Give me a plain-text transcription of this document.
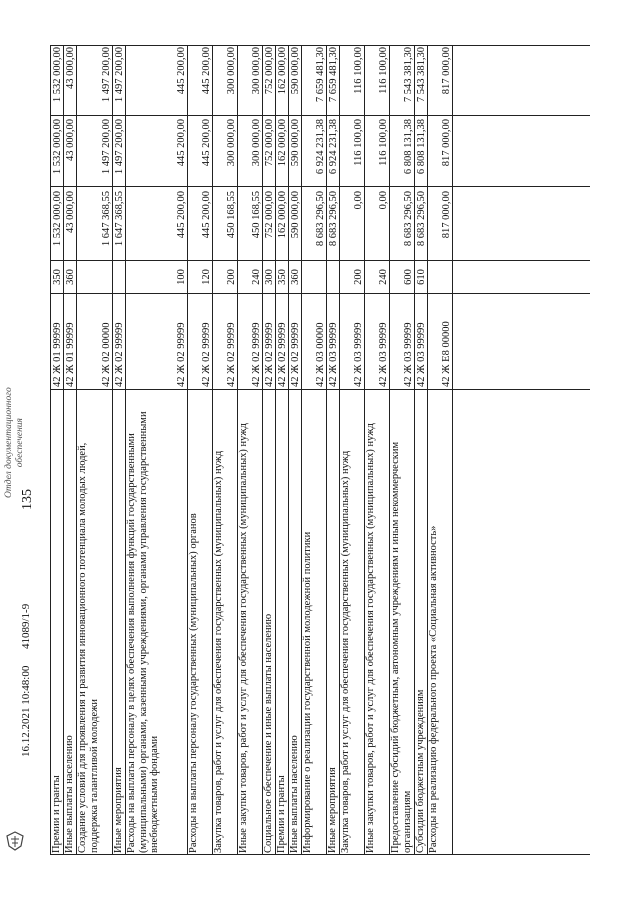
Премии и гранты
42 Ж 01 99999
350
1 532 000,00
1 532 000,00
1 532 000,00
Иные выплаты населению
42 Ж 01 99999
360
43 000,00
43 000,00
43 000,00
Создание условий для проявления и развития инновационного потенциала молодых людей, поддержка талантливой молодежи
42 Ж 02 00000
1 647 368,55
1 497 200,00
1 497 200,00
Иные мероприятия
42 Ж 02 99999
1 647 368,55
1 497 200,00
1 497 200,00
Расходы на выплаты персоналу в целях обеспечения выполнения функций государственными (муниципальными) органами, казенными учреждениями, органами управления государственными внебюджетными фондами
42 Ж 02 99999
100
445 200,00
445 200,00
445 200,00
Расходы на выплаты персоналу государственных (муниципальных) органов
42 Ж 02 99999
120
445 200,00
445 200,00
445 200,00
Закупка товаров, работ и услуг для обеспечения государственных (муниципальных) нужд
42 Ж 02 99999
200
450 168,55
300 000,00
300 000,00
Иные закупки товаров, работ и услуг для обеспечения государственных (муниципальных) нужд
42 Ж 02 99999
240
450 168,55
300 000,00
300 000,00
Социальное обеспечение и иные выплаты населению
42 Ж 02 99999
300
752 000,00
752 000,00
752 000,00
Премии и гранты
42 Ж 02 99999
350
162 000,00
162 000,00
162 000,00
Иные выплаты населению
42 Ж 02 99999
360
590 000,00
590 000,00
590 000,00
Информирование о реализации государственной молодежной политики
42 Ж 03 00000
8 683 296,50
6 924 231,38
7 659 481,30
Иные мероприятия
42 Ж 03 99999
8 683 296,50
6 924 231,38
7 659 481,30
Закупка товаров, работ и услуг для обеспечения государственных (муниципальных) нужд
42 Ж 03 99999
200
0,00
116 100,00
116 100,00
Иные закупки товаров, работ и услуг для обеспечения государственных (муниципальных) нужд
42 Ж 03 99999
240
0,00
116 100,00
116 100,00
Предоставление субсидий бюджетным, автономным учреждениям и иным некоммерческим организациям
42 Ж 03 99999
600
8 683 296,50
6 808 131,38
7 543 381,30
Субсидии бюджетным учреждениям
42 Ж 03 99999
610
8 683 296,50
6 808 131,38
7 543 381,30
Расходы на реализацию федерального проекта «Социальная активность»
42 Ж E8 00000
817 000,00
817 000,00
817 000,00
135
16.12.2021 10:48:00
41089/1-9
Отдел документационного обеспечения
